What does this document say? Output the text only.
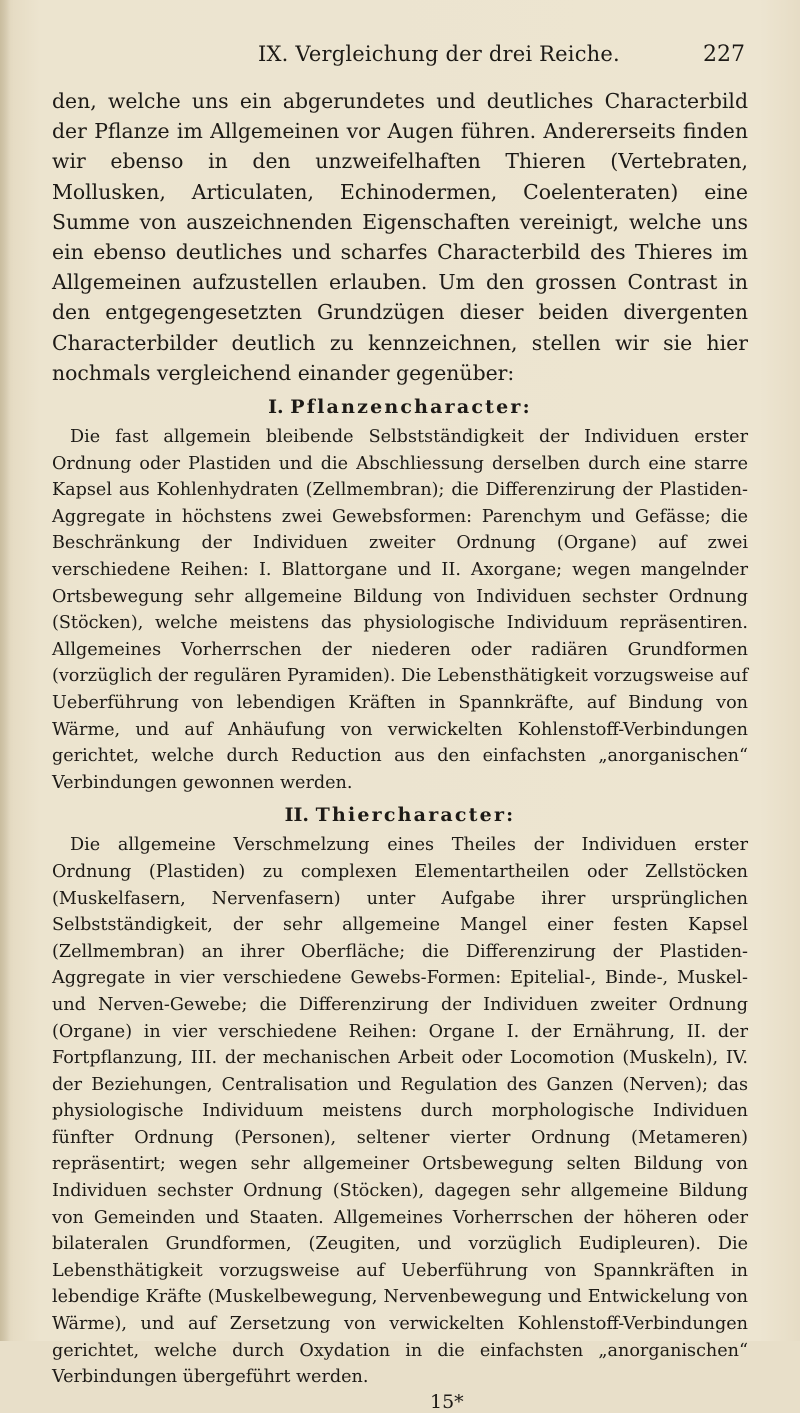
IX. Vergleichung der drei Reiche.	227

den, welche uns ein abgerundetes und deutliches Characterbild der Pflanze im Allgemeinen vor Augen führen. Andererseits finden wir ebenso in den unzweifelhaften Thieren (Vertebraten, Mollusken, Articulaten, Echinodermen, Coelenteraten) eine Summe von auszeichnenden Eigenschaften vereinigt, welche uns ein ebenso deutliches und scharfes Characterbild des Thieres im Allgemeinen aufzustellen erlauben. Um den grossen Contrast in den entgegengesetzten Grundzügen dieser beiden divergenten Characterbilder deutlich zu kennzeichnen, stellen wir sie hier nochmals vergleichend einander gegenüber:

I. Pflanzencharacter:

Die fast allgemein bleibende Selbstständigkeit der Individuen erster Ordnung oder Plastiden und die Abschliessung derselben durch eine starre Kapsel aus Kohlenhydraten (Zellmembran); die Differenzirung der Plastiden-Aggregate in höchstens zwei Gewebsformen: Parenchym und Gefässe; die Beschränkung der Individuen zweiter Ordnung (Organe) auf zwei verschiedene Reihen: I. Blattorgane und II. Axorgane; wegen mangelnder Ortsbewegung sehr allgemeine Bildung von Individuen sechster Ordnung (Stöcken), welche meistens das physiologische Individuum repräsentiren. Allgemeines Vorherrschen der niederen oder radiären Grundformen (vorzüglich der regulären Pyramiden). Die Lebensthätigkeit vorzugsweise auf Ueberführung von lebendigen Kräften in Spannkräfte, auf Bindung von Wärme, und auf Anhäufung von verwickelten Kohlenstoff-Verbindungen gerichtet, welche durch Reduction aus den einfachsten „anorganischen“ Verbindungen gewonnen werden.

II. Thiercharacter:

Die allgemeine Verschmelzung eines Theiles der Individuen erster Ordnung (Plastiden) zu complexen Elementartheilen oder Zellstöcken (Muskelfasern, Nervenfasern) unter Aufgabe ihrer ursprünglichen Selbstständigkeit, der sehr allgemeine Mangel einer festen Kapsel (Zellmembran) an ihrer Oberfläche; die Differenzirung der Plastiden-Aggregate in vier verschiedene Gewebs-Formen: Epitelial-, Binde-, Muskel- und Nerven-Gewebe; die Differenzirung der Individuen zweiter Ordnung (Organe) in vier verschiedene Reihen: Organe I. der Ernährung, II. der Fortpflanzung, III. der mechanischen Arbeit oder Locomotion (Muskeln), IV. der Beziehungen, Centralisation und Regulation des Ganzen (Nerven); das physiologische Individuum meistens durch morphologische Individuen fünfter Ordnung (Personen), seltener vierter Ordnung (Metameren) repräsentirt; wegen sehr allgemeiner Ortsbewegung selten Bildung von Individuen sechster Ordnung (Stöcken), dagegen sehr allgemeine Bildung von Gemeinden und Staaten. Allgemeines Vorherrschen der höheren oder bilateralen Grundformen, (Zeugiten, und vorzüglich Eudipleuren). Die Lebensthätigkeit vorzugsweise auf Ueberführung von Spannkräften in lebendige Kräfte (Muskelbewegung, Nervenbewegung und Entwickelung von Wärme), und auf Zersetzung von verwickelten Kohlenstoff-Verbindungen gerichtet, welche durch Oxydation in die einfachsten „anorganischen“ Verbindungen übergeführt werden.

15*
